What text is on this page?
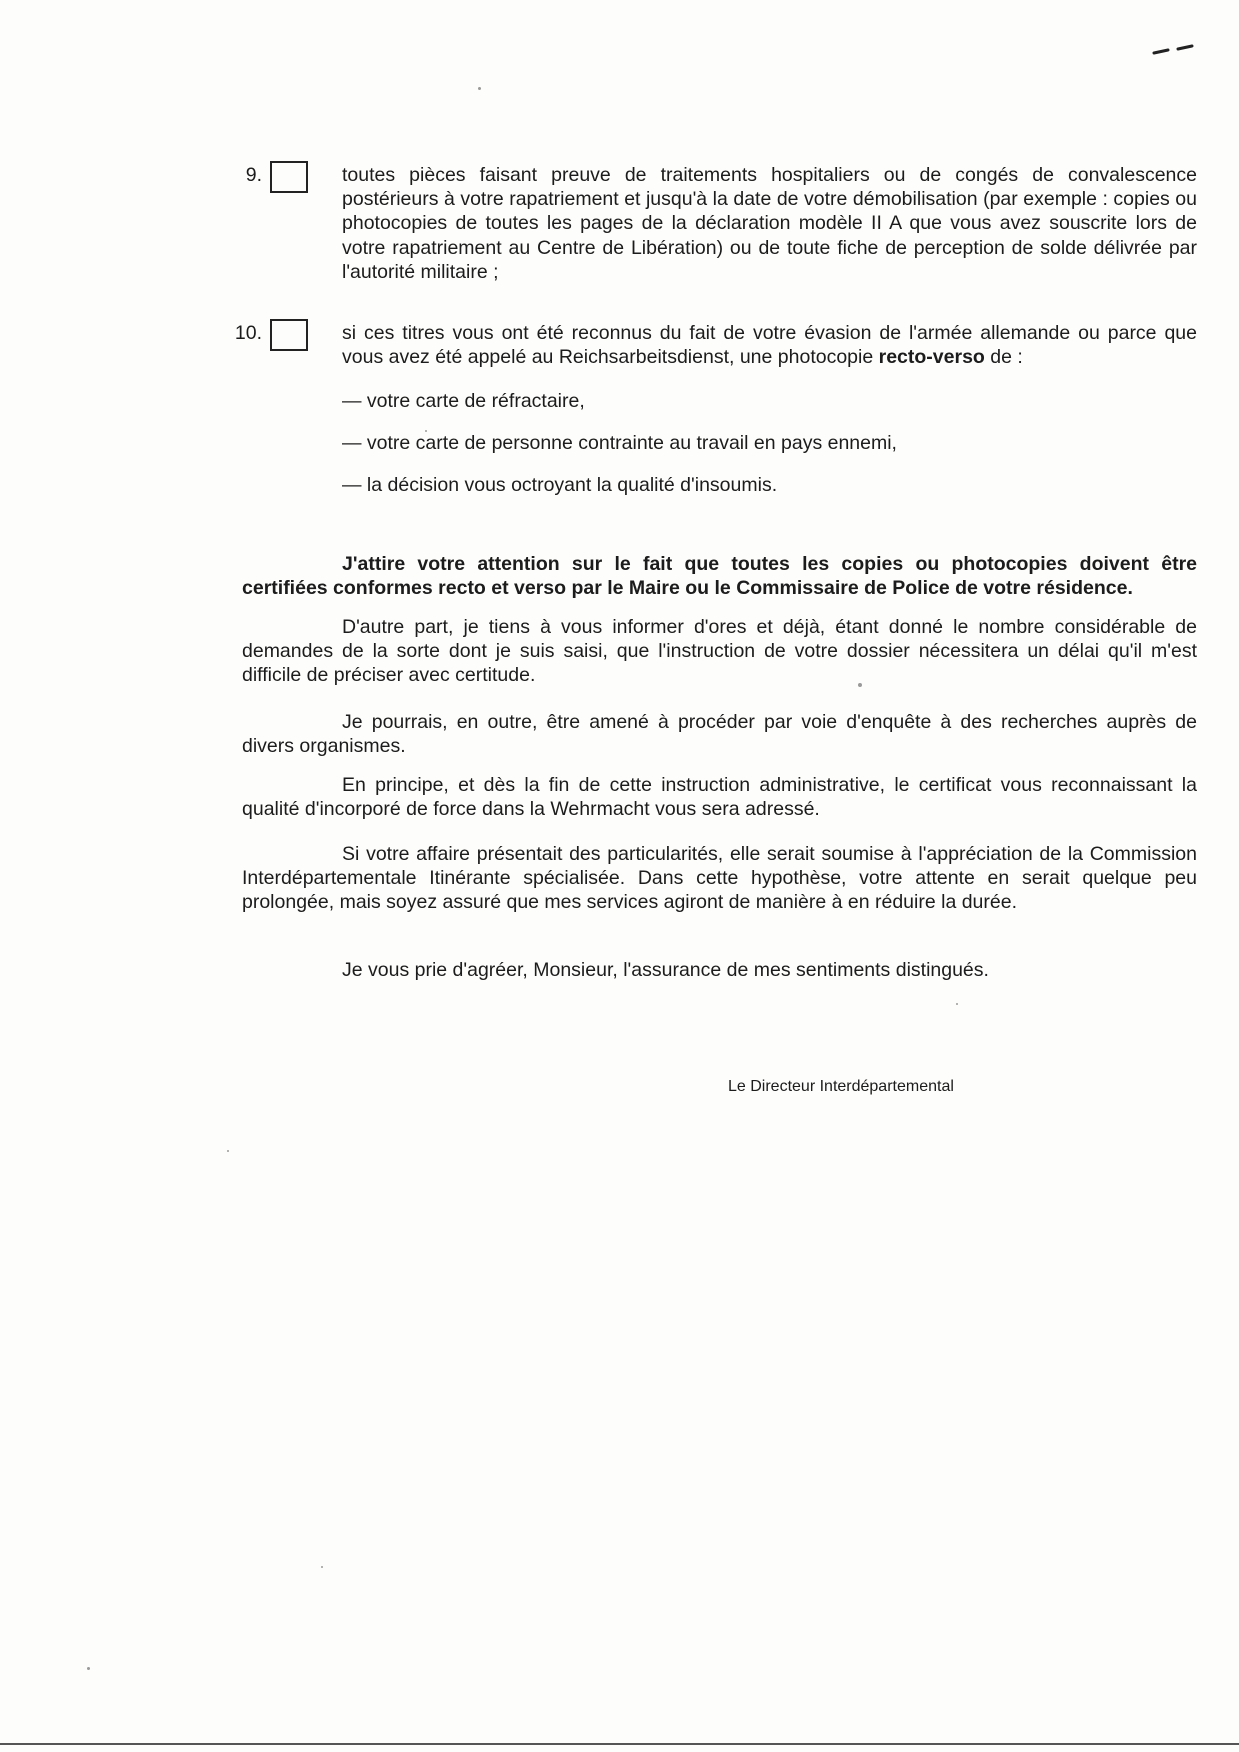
9.	toutes pièces faisant preuve de traitements hospitaliers ou de congés de convalescence postérieurs à votre rapatriement et jusqu'à la date de votre démobilisation (par exemple : copies ou photocopies de toutes les pages de la déclaration modèle II A que vous avez souscrite lors de votre rapatriement au Centre de Libération) ou de toute fiche de perception de solde délivrée par l'autorité militaire ;
10.	si ces titres vous ont été reconnus du fait de votre évasion de l'armée allemande ou parce que vous avez été appelé au Reichsarbeitsdienst, une photocopie recto-verso de :
— votre carte de réfractaire,
— votre carte de personne contrainte au travail en pays ennemi,
— la décision vous octroyant la qualité d'insoumis.
J'attire votre attention sur le fait que toutes les copies ou photocopies doivent être certifiées conformes recto et verso par le Maire ou le Commissaire de Police de votre résidence.
D'autre part, je tiens à vous informer d'ores et déjà, étant donné le nombre considérable de demandes de la sorte dont je suis saisi, que l'instruction de votre dossier nécessitera un délai qu'il m'est difficile de préciser avec certitude.
Je pourrais, en outre, être amené à procéder par voie d'enquête à des recherches auprès de divers organismes.
En principe, et dès la fin de cette instruction administrative, le certificat vous reconnaissant la qualité d'incorporé de force dans la Wehrmacht vous sera adressé.
Si votre affaire présentait des particularités, elle serait soumise à l'appréciation de la Commission Interdépartementale Itinérante spécialisée. Dans cette hypothèse, votre attente en serait quelque peu prolongée, mais soyez assuré que mes services agiront de manière à en réduire la durée.
Je vous prie d'agréer, Monsieur, l'assurance de mes sentiments distingués.
Le Directeur Interdépartemental
